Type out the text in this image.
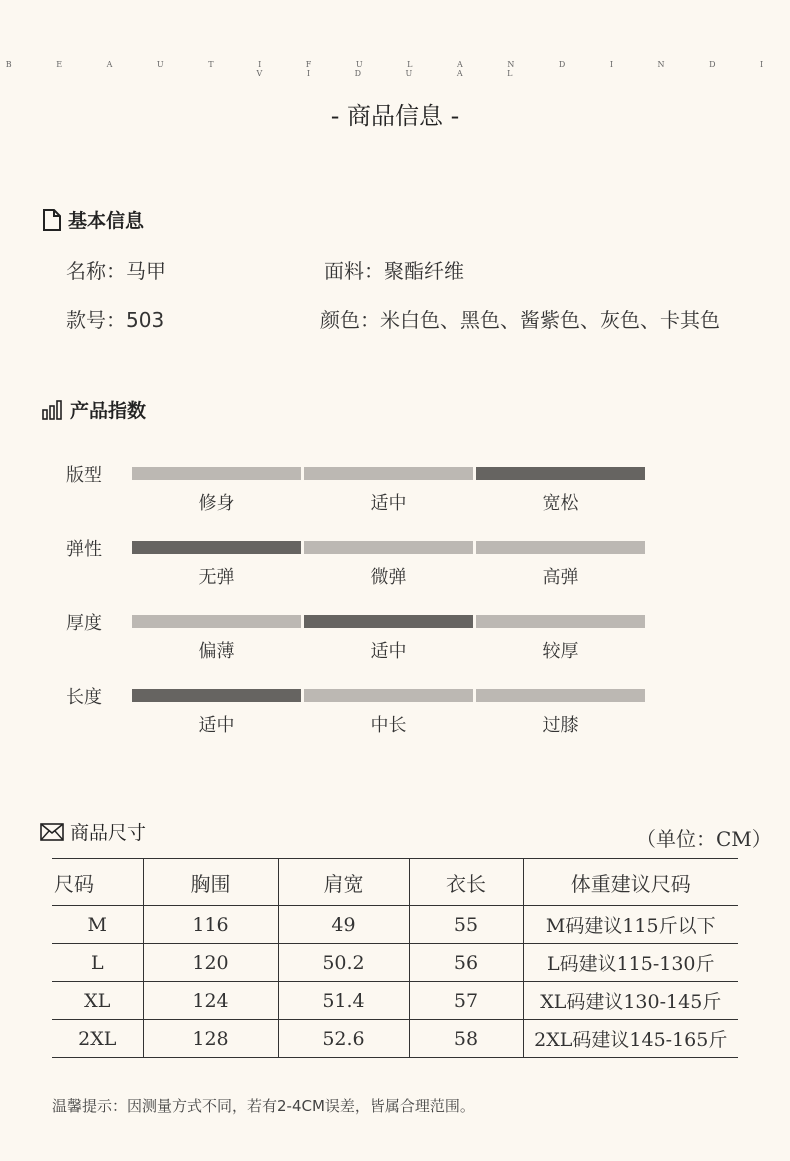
B E A U T I F U L A N D I N D I V I D U A L
- 商品信息 -
基本信息
名称：马甲	面料：聚酯纤维
款号：503	颜色：米白色、黑色、酱紫色、灰色、卡其色
产品指数
版型
修身	适中	宽松
弹性
无弹	微弹	高弹
厚度
偏薄	适中	较厚
长度
适中	中长	过膝
商品尺寸	（单位：CM）
尺码	胸围	肩宽	衣长	体重建议尺码
M	116	49	55	M码建议115斤以下
L	120	50.2	56	L码建议115-130斤
XL	124	51.4	57	XL码建议130-145斤
2XL	128	52.6	58	2XL码建议145-165斤
温馨提示：因测量方式不同，若有2-4CM误差，皆属合理范围。
